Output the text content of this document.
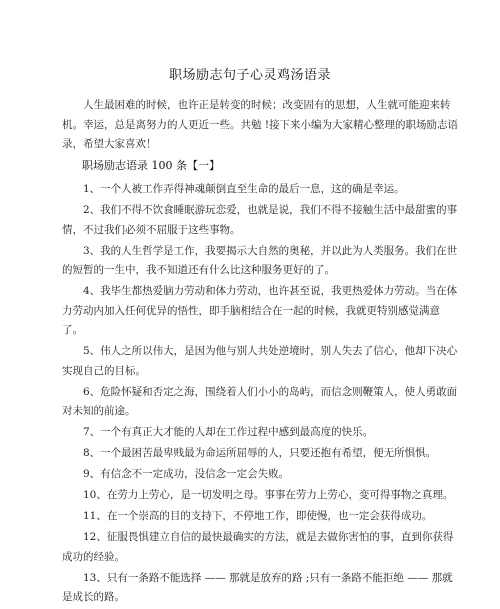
职场励志句子心灵鸡汤语录
人生最困难的时候，也许正是转变的时候；改变固有的思想，人生就可能迎来转机。幸运，总是离努力的人更近一些。共勉 !接下来小编为大家精心整理的职场励志语录，希望大家喜欢！
职场励志语录 100 条【一】

1、一个人被工作弄得神魂颠倒直至生命的最后一息，这的确是幸运。

2、我们不得不饮食睡眠游玩恋爱，也就是说，我们不得不接触生活中最甜蜜的事情，不过我们必须不屈服于这些事物。

3、我的人生哲学是工作，我要揭示大自然的奥秘，并以此为人类服务。我们在世的短暂的一生中，我不知道还有什么比这种服务更好的了。

4、我毕生都热爱脑力劳动和体力劳动，也许甚至说，我更热爱体力劳动。当在体力劳动内加入任何优异的悟性，即手脑相结合在一起的时候，我就更特别感觉满意了。

5、伟人之所以伟大，是因为他与别人共处逆境时，别人失去了信心，他却下决心实现自己的目标。

6、危险怀疑和否定之海，围绕着人们小小的岛屿，而信念则鞭策人，使人勇敢面对未知的前途。

7、一个有真正大才能的人却在工作过程中感到最高度的快乐。

8、一个最困苦最卑贱最为命运所屈辱的人，只要还抱有希望，便无所惧惧。

9、有信念不一定成功，没信念一定会失败。

10、在劳力上劳心，是一切发明之母。事事在劳力上劳心，变可得事物之真理。

11、在一个崇高的目的支持下，不停地工作，即使慢，也一定会获得成功。

12、征服畏惧建立自信的最快最确实的方法，就是去做你害怕的事，直到你获得成功的经验。

13、只有一条路不能选择 —— 那就是放弃的路 ;只有一条路不能拒绝 —— 那就是成长的路。
